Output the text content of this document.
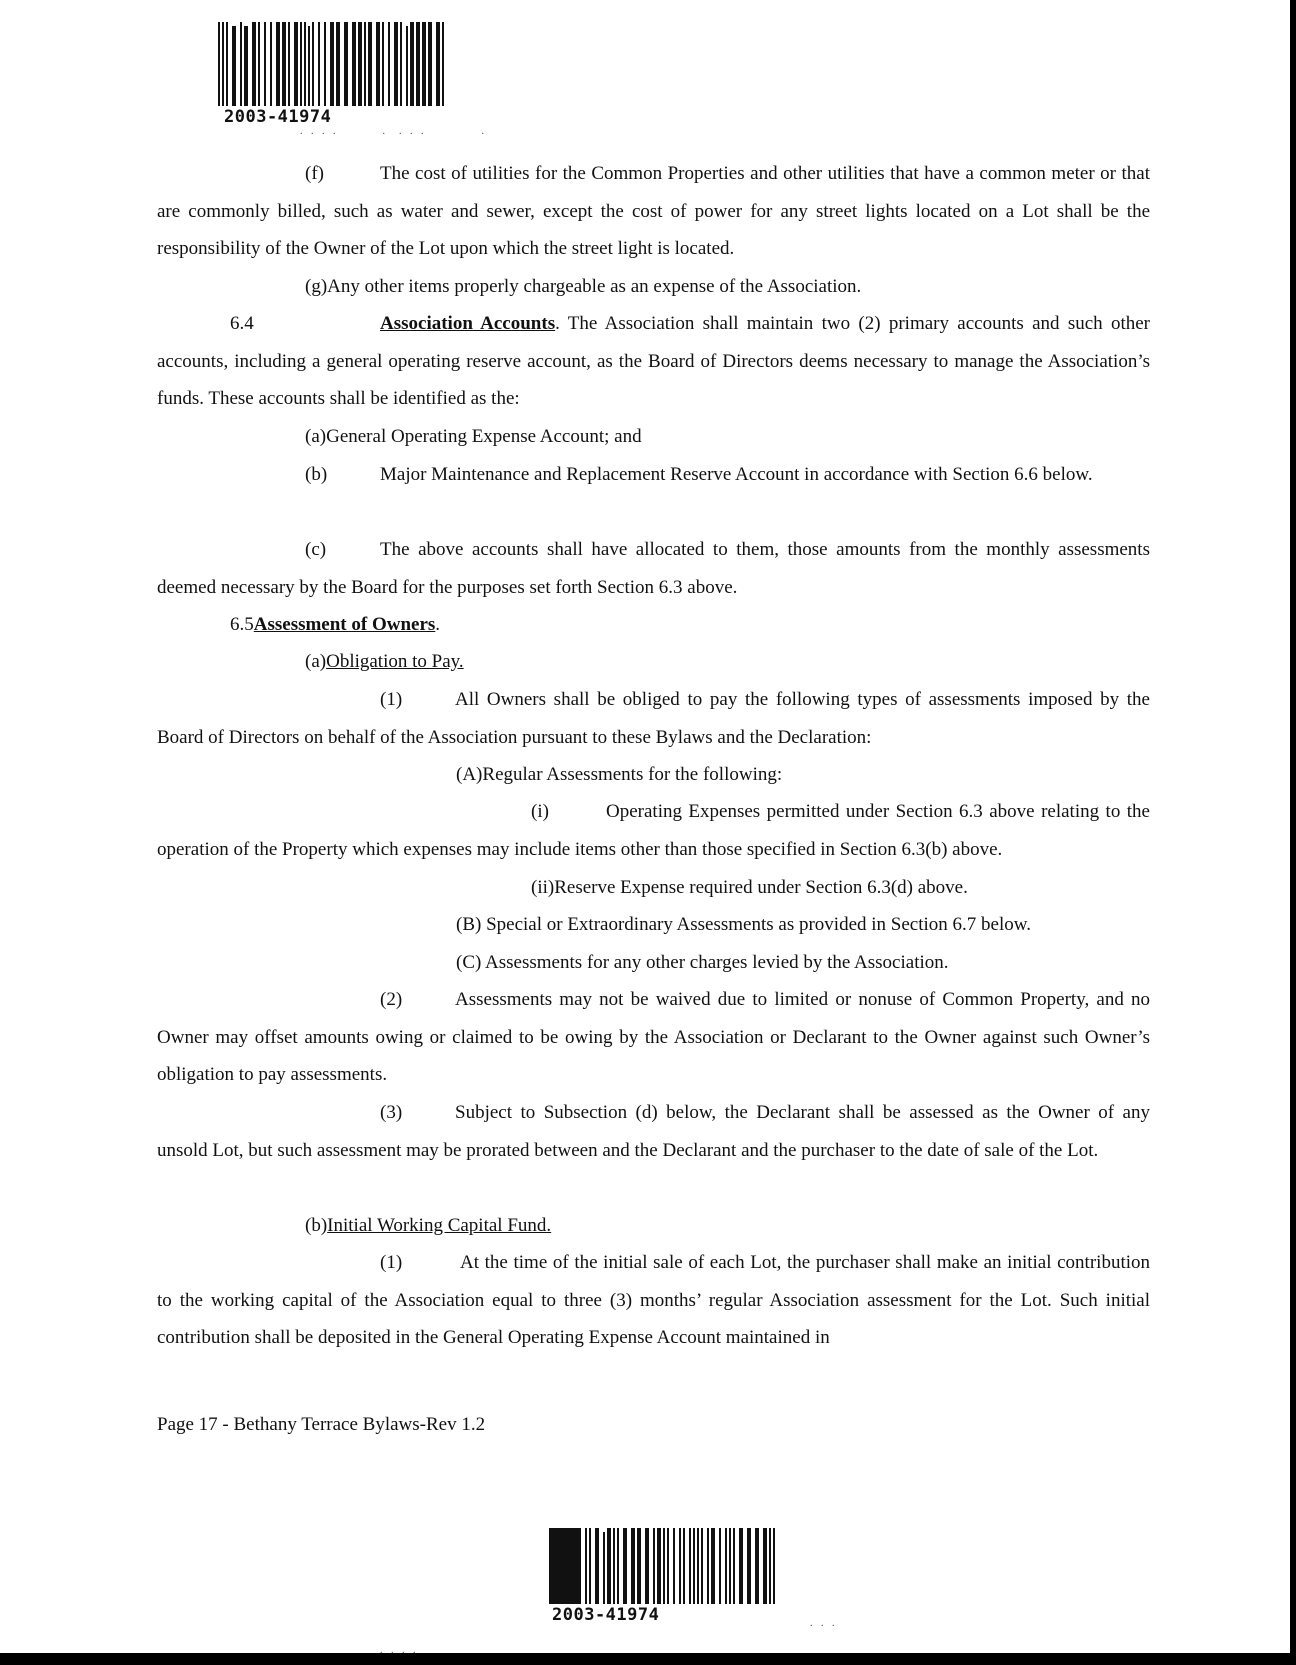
2003-41974
. . . .        .  . . .          .

(f)	The cost of utilities for the Common Properties and other utilities that have a common meter or that are commonly billed, such as water and sewer, except the cost of power for any street lights located on a Lot shall be the responsibility of the Owner of the Lot upon which the street light is located.

(g)Any other items properly chargeable as an expense of the Association.

6.4	Association Accounts. The Association shall maintain two (2) primary accounts and such other accounts, including a general operating reserve account, as the Board of Directors deems necessary to manage the Association’s funds. These accounts shall be identified as the:

(a)General Operating Expense Account; and

(b)	Major Maintenance and Replacement Reserve Account in accordance with Section 6.6 below.

(c)	The above accounts shall have allocated to them, those amounts from the monthly assessments deemed necessary by the Board for the purposes set forth Section 6.3 above.

6.5Assessment of Owners.
(a)Obligation to Pay.

(1)	All Owners shall be obliged to pay the following types of assessments imposed by the Board of Directors on behalf of the Association pursuant to these Bylaws and the Declaration:

(A)Regular Assessments for the following:

(i)	Operating Expenses permitted under Section 6.3 above relating to the operation of the Property which expenses may include items other than those specified in Section 6.3(b) above.

(ii)Reserve Expense required under Section 6.3(d) above.
(B) Special or Extraordinary Assessments as provided in Section 6.7 below.
(C) Assessments for any other charges levied by the Association.

(2)	Assessments may not be waived due to limited or nonuse of Common Property, and no Owner may offset amounts owing or claimed to be owing by the Association or Declarant to the Owner against such Owner’s obligation to pay assessments.

(3)	Subject to Subsection (d) below, the Declarant shall be assessed as the Owner of any unsold Lot, but such assessment may be prorated between and the Declarant and the purchaser to the date of sale of the Lot.

(b)Initial Working Capital Fund.

(1)	At the time of the initial sale of each Lot, the purchaser shall make an initial contribution to the working capital of the Association equal to three (3) months’ regular Association assessment for the Lot. Such initial contribution shall be deposited in the General Operating Expense Account maintained in

Page 17 - Bethany Terrace Bylaws-Rev 1.2
2003-41974	. . .
. . . .
